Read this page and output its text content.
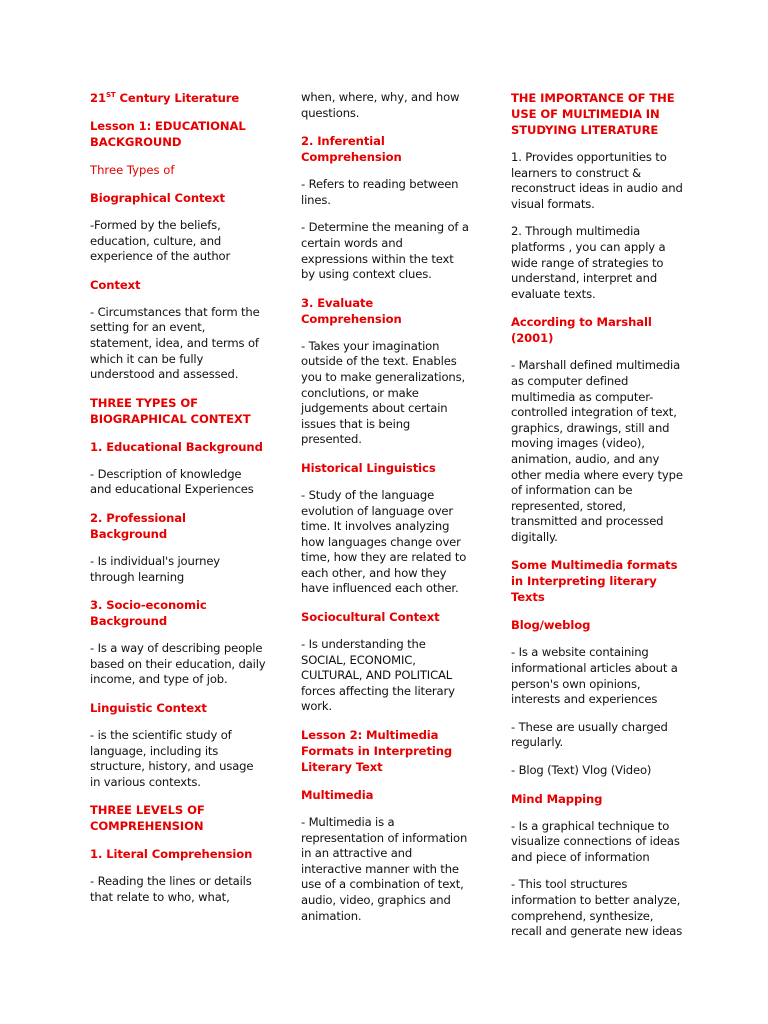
21ST Century Literature
Lesson 1: EDUCATIONAL BACKGROUND
Three Types of
Biographical Context
-Formed by the beliefs, education, culture, and experience of the author
Context
- Circumstances that form the setting for an event, statement, idea, and terms of which it can be fully understood and assessed.
THREE TYPES OF BIOGRAPHICAL CONTEXT
1. Educational Background
- Description of knowledge and educational Experiences
2. Professional Background
- Is individual's journey through learning
3. Socio-economic Background
- Is a way of describing people based on their education, daily income, and type of job.
Linguistic Context
- is the scientific study of language, including its structure, history, and usage in various contexts.
THREE LEVELS OF COMPREHENSION
1. Literal Comprehension
- Reading the lines or details that relate to who, what,
when, where, why, and how questions.
2. Inferential Comprehension
- Refers to reading between lines.
- Determine the meaning of a certain words and expressions within the text by using context clues.
3. Evaluate Comprehension
- Takes your imagination outside of the text. Enables you to make generalizations, conclutions, or make judgements about certain issues that is being presented.
Historical Linguistics
- Study of the language evolution of language over time. It involves analyzing how languages change over time, how they are related to each other, and how they have influenced each other.
Sociocultural Context
- Is understanding the SOCIAL, ECONOMIC, CULTURAL, AND POLITICAL forces affecting the literary work.
Lesson 2: Multimedia Formats in Interpreting Literary Text
Multimedia
- Multimedia is a representation of information in an attractive and interactive manner with the use of a combination of text, audio, video, graphics and animation.
THE IMPORTANCE OF THE USE OF MULTIMEDIA IN STUDYING LITERATURE
1. Provides opportunities to learners to construct & reconstruct ideas in audio and visual formats.
2. Through multimedia platforms , you can apply a wide range of strategies to understand, interpret and evaluate texts.
According to Marshall (2001)
- Marshall defined multimedia as computer defined multimedia as computer-controlled integration of text, graphics, drawings, still and moving images (video), animation, audio, and any other media where every type of information can be represented, stored, transmitted and processed digitally.
Some Multimedia formats in Interpreting literary Texts
Blog/weblog
- Is a website containing informational articles about a person's own opinions, interests and experiences
- These are usually charged regularly.
- Blog (Text) Vlog (Video)
Mind Mapping
- Is a graphical technique to visualize connections of ideas and piece of information
- This tool structures information to better analyze, comprehend, synthesize, recall and generate new ideas
